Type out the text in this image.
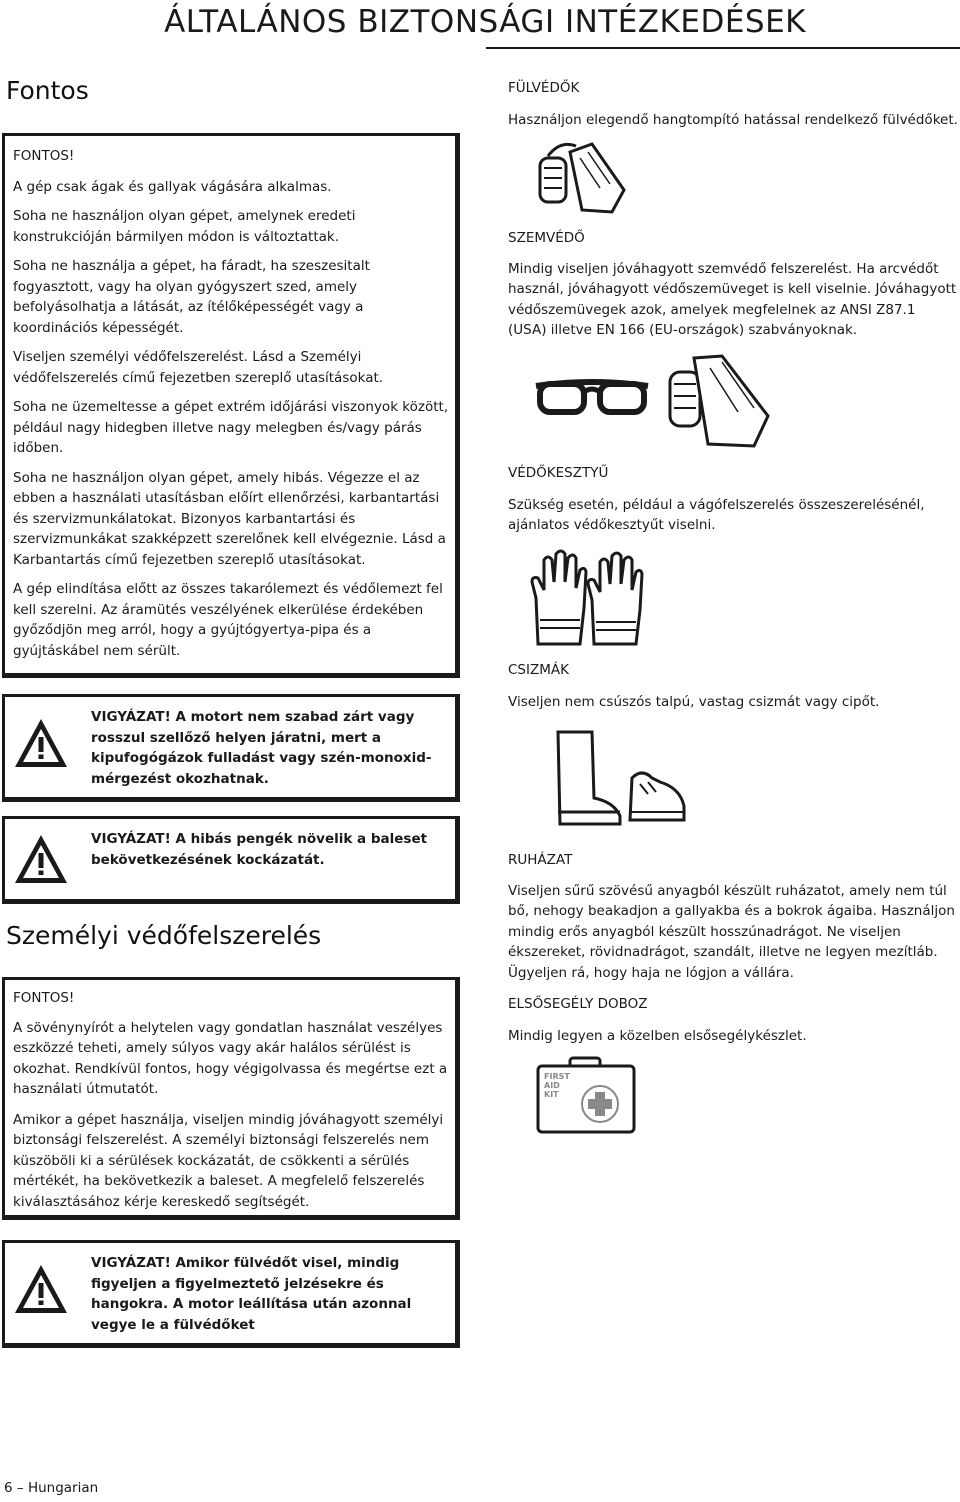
ÁLTALÁNOS BIZTONSÁGI INTÉZKEDÉSEK
Fontos

FONTOS!

A gép csak ágak és gallyak vágására alkalmas.

Soha ne használjon olyan gépet, amelynek eredeti konstrukcióján bármilyen módon is változtattak.

Soha ne használja a gépet, ha fáradt, ha szeszesitalt fogyasztott, vagy ha olyan gyógyszert szed, amely befolyásolhatja a látását, az ítélőképességét vagy a koordinációs képességét.

Viseljen személyi védőfelszerelést. Lásd a Személyi védőfelszerelés című fejezetben szereplő utasításokat.

Soha ne üzemeltesse a gépet extrém időjárási viszonyok között, például nagy hidegben illetve nagy melegben és/vagy párás időben.

Soha ne használjon olyan gépet, amely hibás. Végezze el az ebben a használati utasításban előírt ellenőrzési, karbantartási és szervizmunkálatokat. Bizonyos karbantartási és szervizmunkákat szakképzett szerelőnek kell elvégeznie. Lásd a Karbantartás című fejezetben szereplő utasításokat.

A gép elindítása előtt az összes takarólemezt és védőlemezt fel kell szerelni. Az áramütés veszélyének elkerülése érdekében győződjön meg arról, hogy a gyújtógyertya-pipa és a gyújtáskábel nem sérült.

VIGYÁZAT! A motort nem szabad zárt vagy rosszul szellőző helyen járatni, mert a kipufogógázok fulladást vagy szén-monoxid-mérgezést okozhatnak.

VIGYÁZAT! A hibás pengék növelik a baleset bekövetkezésének kockázatát.

Személyi védőfelszerelés

FONTOS!

A sövénynyírót a helytelen vagy gondatlan használat veszélyes eszközzé teheti, amely súlyos vagy akár halálos sérülést is okozhat. Rendkívül fontos, hogy végigolvassa és megértse ezt a használati útmutatót.

Amikor a gépet használja, viseljen mindig jóváhagyott személyi biztonsági felszerelést. A személyi biztonsági felszerelés nem küszöböli ki a sérülések kockázatát, de csökkenti a sérülés mértékét, ha bekövetkezik a baleset. A megfelelő felszerelés kiválasztásához kérje kereskedő segítségét.

VIGYÁZAT! Amikor fülvédőt visel, mindig figyeljen a figyelmeztető jelzésekre és hangokra. A motor leállítása után azonnal vegye le a fülvédőket

FÜLVÉDŐK

Használjon elegendő hangtompító hatással rendelkező fülvédőket.

SZEMVÉDŐ

Mindig viseljen jóváhagyott szemvédő felszerelést. Ha arcvédőt használ, jóváhagyott védőszemüveget is kell viselnie. Jóváhagyott védőszemüvegek azok, amelyek megfelelnek az ANSI Z87.1 (USA) illetve EN 166 (EU-országok) szabványoknak.

VÉDŐKESZTYŰ

Szükség esetén, például a vágófelszerelés összeszerelésénél, ajánlatos védőkesztyűt viselni.

CSIZMÁK

Viseljen nem csúszós talpú, vastag csizmát vagy cipőt.

RUHÁZAT

Viseljen sűrű szövésű anyagból készült ruházatot, amely nem túl bő, nehogy beakadjon a gallyakba és a bokrok ágaiba. Használjon mindig erős anyagból készült hosszúnadrágot. Ne viseljen ékszereket, rövidnadrágot, szandált, illetve ne legyen mezítláb. Ügyeljen rá, hogy haja ne lógjon a vállára.

ELSŐSEGÉLY DOBOZ

Mindig legyen a közelben elsősegélykészlet.

FIRST
AID
KIT
6 – Hungarian
